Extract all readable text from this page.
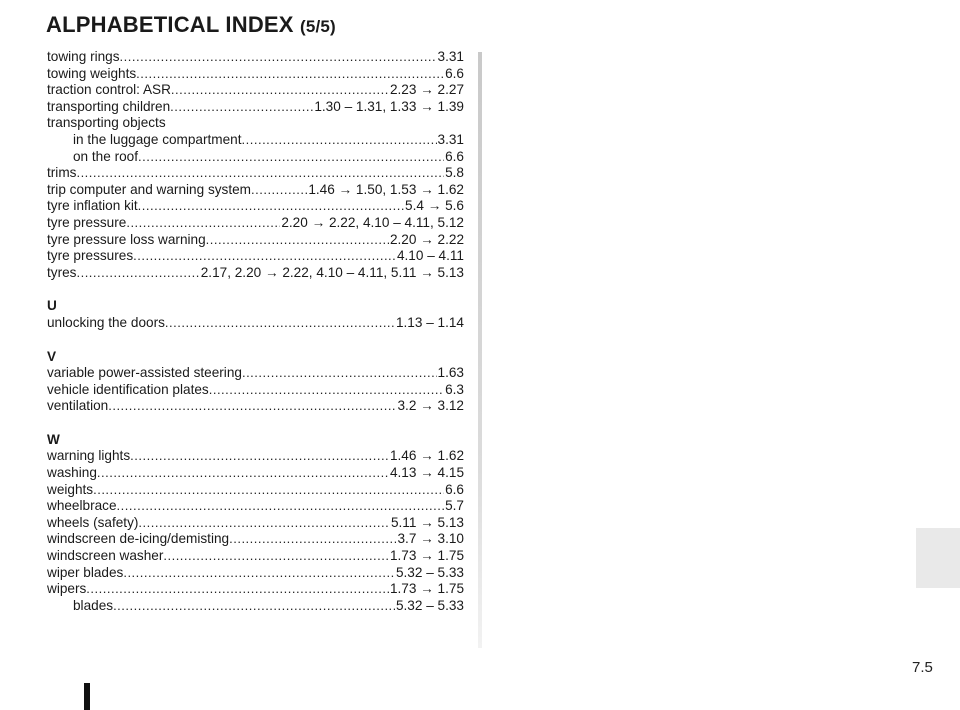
ALPHABETICAL INDEX (5/5)
towing rings .....	3.31
towing weights .....	6.6
traction control: ASR .....	2.23 → 2.27
transporting children .....	1.30 – 1.31, 1.33 → 1.39
transporting objects
in the luggage compartment .....	3.31
on the roof .....	6.6
trims .....	5.8
trip computer and warning system .....	1.46 → 1.50, 1.53 → 1.62
tyre inflation kit .....	5.4 → 5.6
tyre pressure .....	2.20 → 2.22, 4.10 – 4.11, 5.12
tyre pressure loss warning .....	2.20 → 2.22
tyre pressures .....	4.10 – 4.11
tyres .....	2.17, 2.20 → 2.22, 4.10 – 4.11, 5.11 → 5.13
U
unlocking the doors .....	1.13 – 1.14
V
variable power-assisted steering .....	1.63
vehicle identification plates .....	6.3
ventilation .....	3.2 → 3.12
W
warning lights .....	1.46 → 1.62
washing .....	4.13 → 4.15
weights .....	6.6
wheelbrace .....	5.7
wheels (safety) .....	5.11 → 5.13
windscreen de-icing/demisting .....	3.7 → 3.10
windscreen washer .....	1.73 → 1.75
wiper blades .....	5.32 – 5.33
wipers .....	1.73 → 1.75
blades .....	5.32 – 5.33
7.5
